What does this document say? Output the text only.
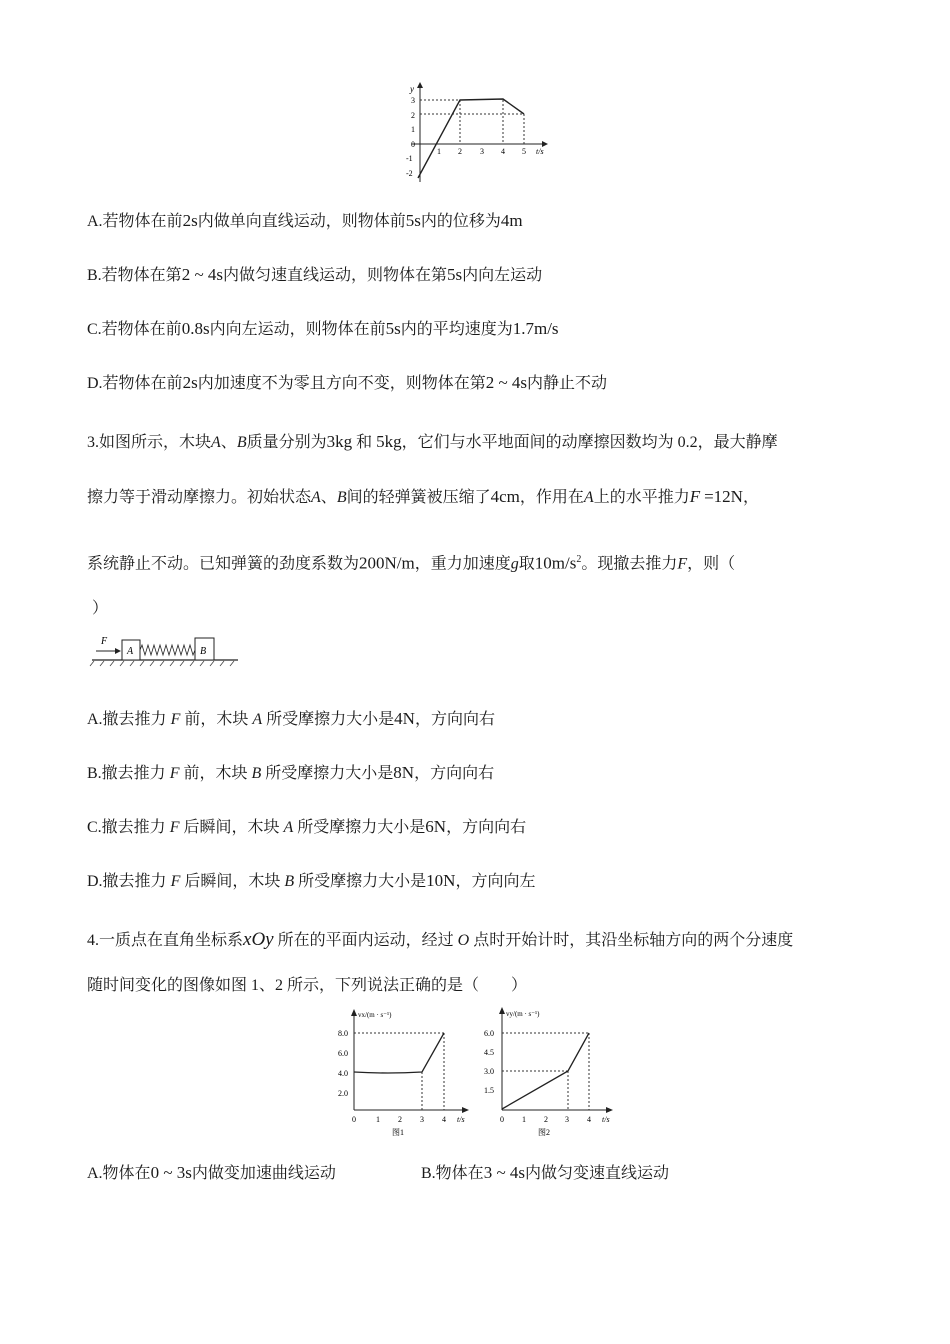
y
t/s
3
2
1
0
-1
-2
1 2 3 4 5
A.若物体在前2s内做单向直线运动，则物体前5s内的位移为4m
B.若物体在第2 ~ 4s内做匀速直线运动，则物体在第5s内向左运动
C.若物体在前0.8s内向左运动，则物体在前5s内的平均速度为1.7m/s
D.若物体在前2s内加速度不为零且方向不变，则物体在第2 ~ 4s内静止不动
3.如图所示，木块A、B质量分别为3kg 和 5kg，它们与水平地面间的动摩擦因数均为 0.2，最大静摩
擦力等于滑动摩擦力。初始状态A、B间的轻弹簧被压缩了4cm，作用在A上的水平推力F =12N，
系统静止不动。已知弹簧的劲度系数为200N/m，重力加速度g取$10m/s^2$。现撤去推力F，则（
）
F
A	B
A.撤去推力 F 前，木块 A 所受摩擦力大小是4N，方向向右
B.撤去推力 F 前，木块 B 所受摩擦力大小是8N，方向向右
C.撤去推力 F 后瞬间，木块 A 所受摩擦力大小是6N，方向向右
D.撤去推力 F 后瞬间，木块 B 所受摩擦力大小是10N，方向向左
4.一质点在直角坐标系xOy 所在的平面内运动，经过 O 点时开始计时，其沿坐标轴方向的两个分速度
随时间变化的图像如图 1、2 所示，下列说法正确的是（　　）
vx/(m · s⁻¹)
t/s
8.0
6.0
4.0
2.0
0	1 2 3 4
图1
vy/(m · s⁻¹)
t/s
6.0
4.5
3.0
1.5
0 1 2 3 4
图2
A.物体在0 ~ 3s内做变加速曲线运动	B.物体在3 ~ 4s内做匀变速直线运动
